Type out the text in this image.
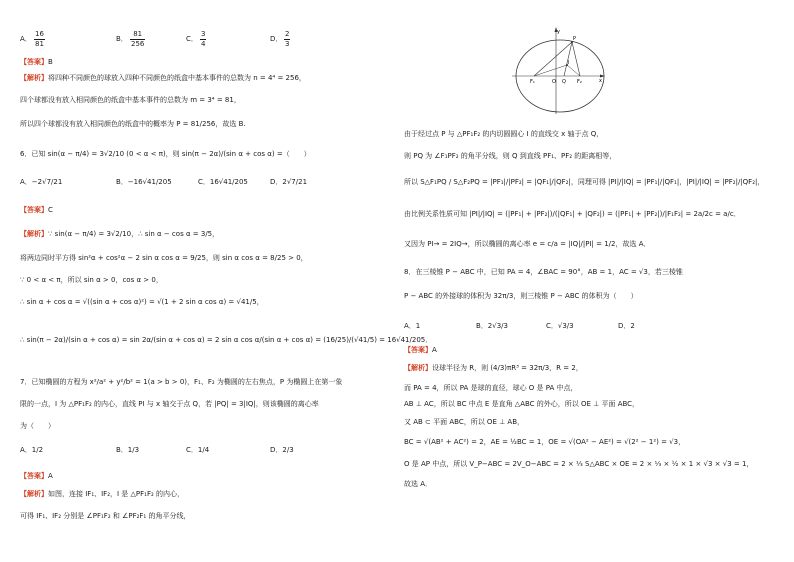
A． $\frac{16}{81}$	B． $\frac{81}{256}$	C． $\frac{3}{4}$	D． $\frac{2}{3}$
【答案】B
【解析】将四种不同颜色的球放入四种不同颜色的纸盒中基本事件的总数为 n = 4⁴ = 256，
四个球都没有放入相同颜色的纸盒中基本事件的总数为 m = 3⁴ = 81，
所以四个球都没有放入相同颜色的纸盒中的概率为 P = 81/256，故选 B.
6．已知 sin(α − π/4) = 3√2/10 (0 < α < π)，则 sin(π − 2α)/(sin α + cos α) =（　　）
A．−2√7/21	B．−16√41/205	C．16√41/205	D．2√7/21
【答案】C
【解析】∵ sin(α − π/4) = 3√2/10，∴ sin α − cos α = 3/5，
将两边同时平方得 sin²α + cos²α − 2 sin α cos α = 9/25，则 sin α cos α = 8/25 > 0，
∵ 0 < α < π，所以 sin α > 0，cos α > 0，
∴ sin α + cos α = √((sin α + cos α)²) = √(1 + 2 sin α cos α) = √41/5，
∴ sin(π − 2α)/(sin α + cos α) = sin 2α/(sin α + cos α) = 2 sin α cos α/(sin α + cos α) = (16/25)/(√41/5) = 16√41/205．
7．已知椭圆的方程为 x²/a² + y²/b² = 1(a > b > 0)，F₁、F₂ 为椭圆的左右焦点，P 为椭圆上在第一象
限的一点，I 为 △PF₁F₂ 的内心，直线 PI 与 x 轴交于点 Q，若 |PQ| = 3|IQ|，则该椭圆的离心率
为（　　）
A．1/2	B．1/3	C．1/4	D．2/3
【答案】A
【解析】如图，连接 IF₁、IF₂，I 是 △PF₁F₂ 的内心，
可得 IF₁、IF₂ 分别是 ∠PF₁F₂ 和 ∠PF₂F₁ 的角平分线，
y
P
I
F₁	O Q F₂	x
由于经过点 P 与 △PF₁F₂ 的内切圆圆心 I 的直线交 x 轴于点 Q，
则 PQ 为 ∠F₁PF₂ 的角平分线，则 Q 到直线 PF₁、PF₂ 的距离相等，
所以 S△F₁PQ / S△F₂PQ = |PF₁|/|PF₂| = |QF₁|/|QF₂|，同理可得 |PI|/|IQ| = |PF₁|/|QF₁|，|PI|/|IQ| = |PF₂|/|QF₂|，
由比例关系性质可知 |PI|/|IQ| = (|PF₁| + |PF₂|)/(|QF₁| + |QF₂|) = (|PF₁| + |PF₂|)/|F₁F₂| = 2a/2c = a/c．
又因为 PI→ = 2IQ→，所以椭圆的离心率 e = c/a = |IQ|/|PI| = 1/2，故选 A．
8．在三棱锥 P − ABC 中，已知 PA = 4，∠BAC = 90°，AB = 1，AC = √3，若三棱锥
P − ABC 的外接球的体积为 32π/3，则三棱锥 P − ABC 的体积为（　　）
A．1	B．2√3/3	C．√3/3	D．2
【答案】A
【解析】设球半径为 R，则 (4/3)πR³ = 32π/3，R = 2，
而 PA = 4，所以 PA 是球的直径，球心 O 是 PA 中点，
AB ⊥ AC，所以 BC 中点 E 是直角 △ABC 的外心，所以 OE ⊥ 平面 ABC，
又 AB ⊂ 平面 ABC，所以 OE ⊥ AB，
BC = √(AB² + AC²) = 2，AE = ½BC = 1，OE = √(OA² − AE²) = √(2² − 1²) = √3，
O 是 AP 中点，所以 V_P−ABC = 2V_O−ABC = 2 × ⅓ S△ABC × OE = 2 × ⅓ × ½ × 1 × √3 × √3 = 1，
故选 A．
